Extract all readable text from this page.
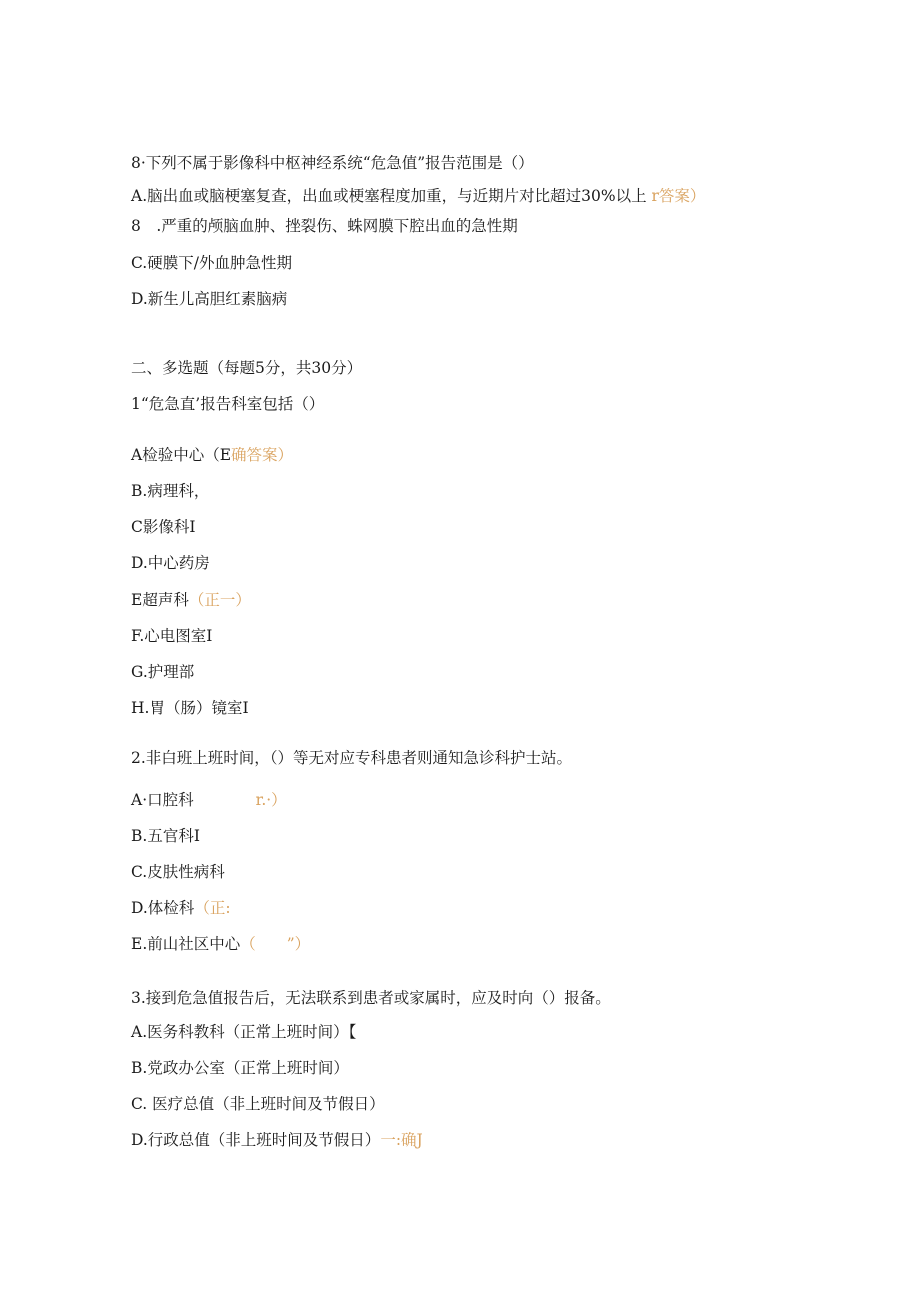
8·下列不属于影像科中枢神经系统“危急值”报告范围是（）
A.脑出血或脑梗塞复查，出血或梗塞程度加重，与近期片对比超过30%以上 r答案）
8　.严重的颅脑血肿、挫裂伤、蛛网膜下腔出血的急性期
C.硬膜下/外血肿急性期
D.新生儿高胆红素脑病
二、多选题（每题5分，共30分）
1“危急直’报告科室包括（）
A检验中心（E确答案）
B.病理科，
C影像科I
D.中心药房
E超声科（正一）
F.心电图室I
G.护理部
H.胃（肠）镜室I
2.非白班上班时间，（）等无对应专科患者则通知急诊科护士站。
A·口腔科	r.·）
B.五官科I
C.皮肤性病科
D.体检科（正:
E.前山社区中心（　　”）
3.接到危急值报告后，无法联系到患者或家属时，应及时向（）报备。
A.医务科教科（正常上班时间）【
B.党政办公室（正常上班时间）
C. 医疗总值（非上班时间及节假日）
D.行政总值（非上班时间及节假日）一:确J
